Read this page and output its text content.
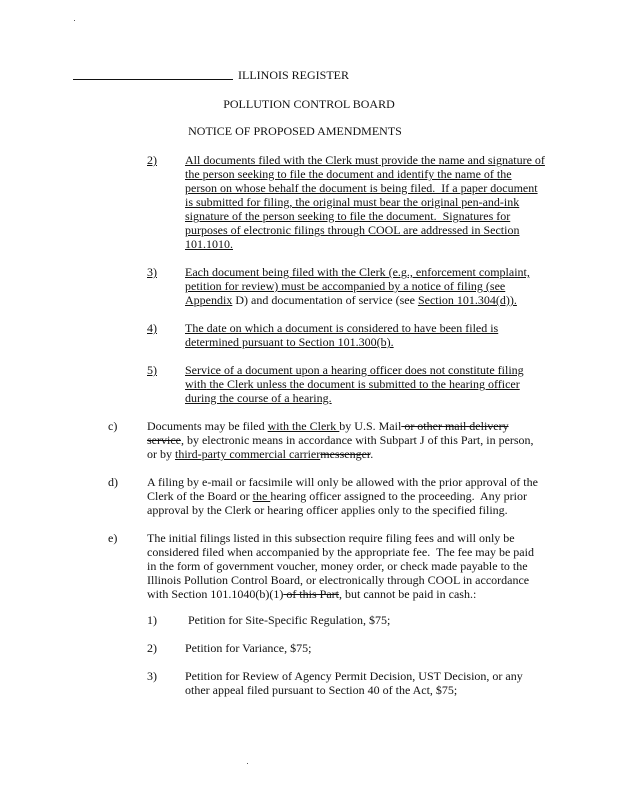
ILLINOIS REGISTER
POLLUTION CONTROL BOARD
NOTICE OF PROPOSED AMENDMENTS
2) All documents filed with the Clerk must provide the name and signature of
the person seeking to file the document and identify the name of the
person on whose behalf the document is being filed.  If a paper document
is submitted for filing, the original must bear the original pen-and-ink
signature of the person seeking to file the document.  Signatures for
purposes of electronic filings through COOL are addressed in Section
101.1010.
3) Each document being filed with the Clerk (e.g., enforcement complaint,
petition for review) must be accompanied by a notice of filing (see
Appendix D) and documentation of service (see Section 101.304(d)).
4) The date on which a document is considered to have been filed is
determined pursuant to Section 101.300(b).
5) Service of a document upon a hearing officer does not constitute filing
with the Clerk unless the document is submitted to the hearing officer
during the course of a hearing.
c) Documents may be filed with the Clerk by U.S. Mail or other mail delivery
service, by electronic means in accordance with Subpart J of this Part, in person,
or by third-party commercial carriermessenger.
d) A filing by e-mail or facsimile will only be allowed with the prior approval of the
Clerk of the Board or the hearing officer assigned to the proceeding.  Any prior
approval by the Clerk or hearing officer applies only to the specified filing.
e) The initial filings listed in this subsection require filing fees and will only be
considered filed when accompanied by the appropriate fee.  The fee may be paid
in the form of government voucher, money order, or check made payable to the
Illinois Pollution Control Board, or electronically through COOL in accordance
with Section 101.1040(b)(1) of this Part, but cannot be paid in cash.:
1) Petition for Site-Specific Regulation, $75;
2) Petition for Variance, $75;
3) Petition for Review of Agency Permit Decision, UST Decision, or any
other appeal filed pursuant to Section 40 of the Act, $75;
